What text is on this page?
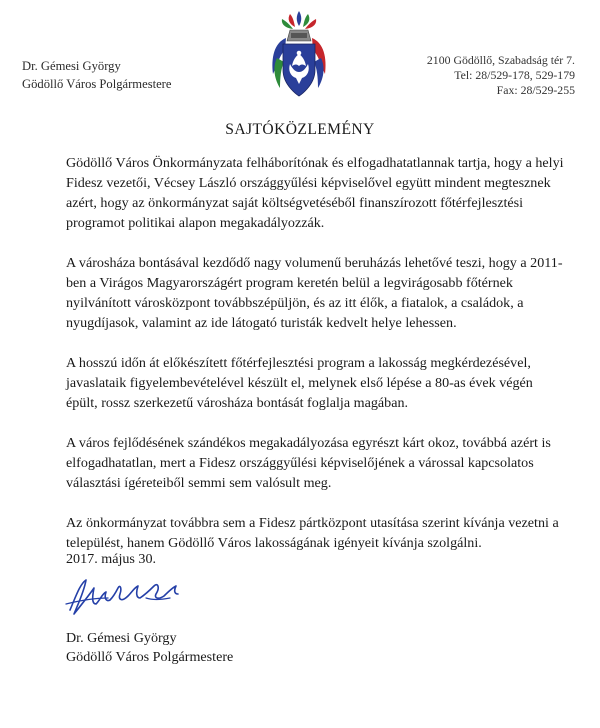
Dr. Gémesi György
Gödöllő Város Polgármestere
2100 Gödöllő, Szabadság tér 7.
Tel: 28/529-178, 529-179
Fax: 28/529-255
SAJTÓKÖZLEMÉNY

Gödöllő Város Önkormányzata felháborítónak és elfogadhatatlannak tartja, hogy a helyi Fidesz vezetői, Vécsey László országgyűlési képviselővel együtt mindent megtesznek azért, hogy az önkormányzat saját költségvetéséből finanszírozott főtérfejlesztési programot politikai alapon megakadályozzák.

A városháza bontásával kezdődő nagy volumenű beruházás lehetővé teszi, hogy a 2011-ben a Virágos Magyarországért program keretén belül a legvirágosabb főtérnek nyilvánított városközpont továbbszépüljön, és az itt élők, a fiatalok, a családok, a nyugdíjasok, valamint az ide látogató turisták kedvelt helye lehessen.

A hosszú időn át előkészített főtérfejlesztési program a lakosság megkérdezésével, javaslataik figyelembevételével készült el, melynek első lépése a 80-as évek végén épült, rossz szerkezetű városháza bontását foglalja magában.

A város fejlődésének szándékos megakadályozása egyrészt kárt okoz, továbbá azért is elfogadhatatlan, mert a Fidesz országgyűlési képviselőjének a várossal kapcsolatos választási ígéreteiből semmi sem valósult meg.

Az önkormányzat továbbra sem a Fidesz pártközpont utasítása szerint kívánja vezetni a települést, hanem Gödöllő Város lakosságának igényeit kívánja szolgálni.

2017. május 30.
Dr. Gémesi György
Gödöllő Város Polgármestere
